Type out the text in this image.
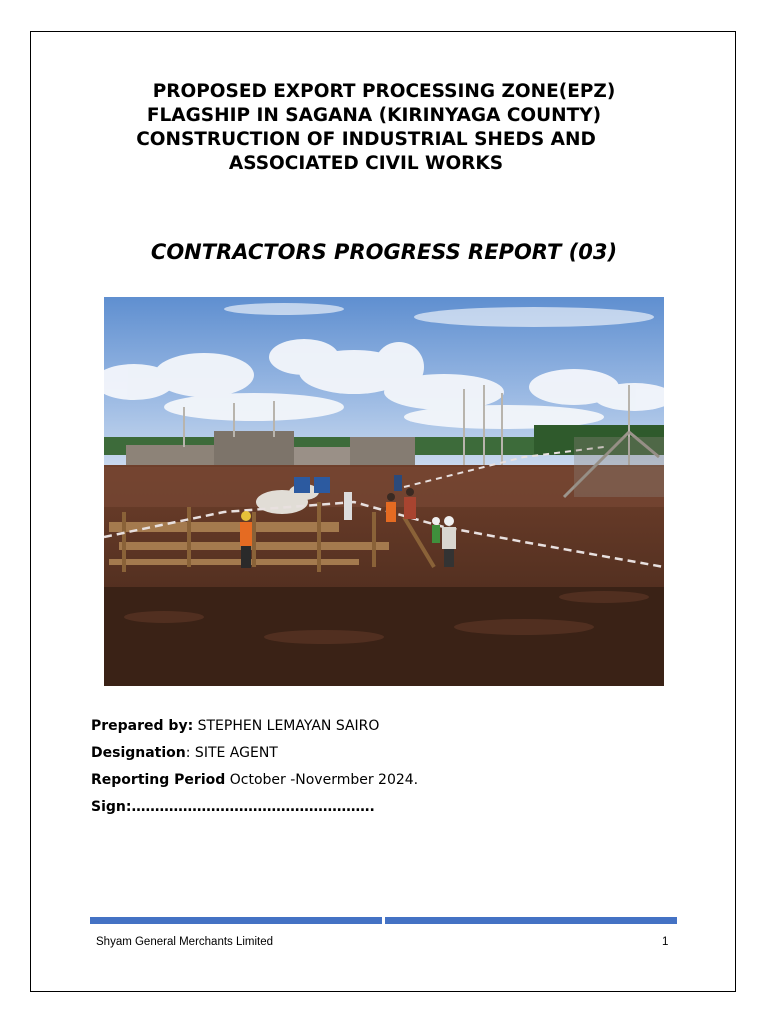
PROPOSED EXPORT PROCESSING ZONE(EPZ)
FLAGSHIP IN SAGANA (KIRINYAGA COUNTY)
CONSTRUCTION OF INDUSTRIAL SHEDS AND
ASSOCIATED CIVIL WORKS
CONTRACTORS PROGRESS REPORT (03)
Prepared by: STEPHEN LEMAYAN SAIRO
Designation: SITE AGENT
Reporting Period October -Novermber 2024.
Sign:…………………………………………….
Shyam General Merchants Limited	1
